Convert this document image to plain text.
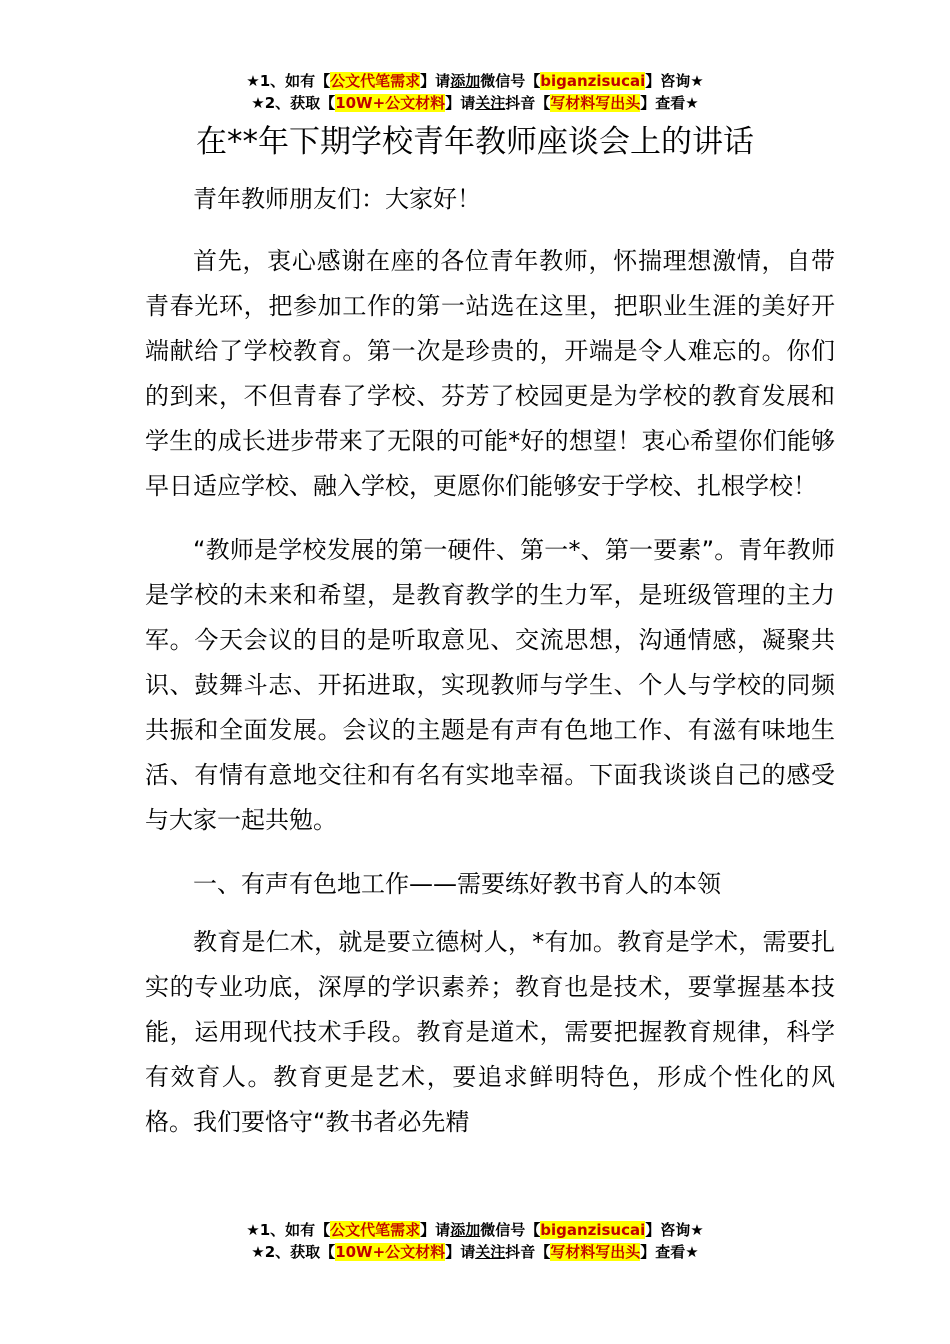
★1、如有【公文代笔需求】请添加微信号【biganzisucai】咨询★
★2、获取【10W+公文材料】请关注抖音【写材料写出头】查看★
在**年下期学校青年教师座谈会上的讲话

青年教师朋友们：大家好！

首先，衷心感谢在座的各位青年教师，怀揣理想激情，自带青春光环，把参加工作的第一站选在这里，把职业生涯的美好开端献给了学校教育。第一次是珍贵的，开端是令人难忘的。你们的到来，不但青春了学校、芬芳了校园更是为学校的教育发展和学生的成长进步带来了无限的可能*好的想望！衷心希望你们能够早日适应学校、融入学校，更愿你们能够安于学校、扎根学校！

“教师是学校发展的第一硬件、第一*、第一要素”。青年教师是学校的未来和希望，是教育教学的生力军，是班级管理的主力军。今天会议的目的是听取意见、交流思想，沟通情感，凝聚共识、鼓舞斗志、开拓进取，实现教师与学生、个人与学校的同频共振和全面发展。会议的主题是有声有色地工作、有滋有味地生活、有情有意地交往和有名有实地幸福。下面我谈谈自己的感受与大家一起共勉。

一、有声有色地工作——需要练好教书育人的本领

教育是仁术，就是要立德树人，*有加。教育是学术，需要扎实的专业功底，深厚的学识素养；教育也是技术，要掌握基本技能，运用现代技术手段。教育是道术，需要把握教育规律，科学有效育人。教育更是艺术，要追求鲜明特色，形成个性化的风格。我们要恪守“教书者必先精

★1、如有【公文代笔需求】请添加微信号【biganzisucai】咨询★
★2、获取【10W+公文材料】请关注抖音【写材料写出头】查看★
